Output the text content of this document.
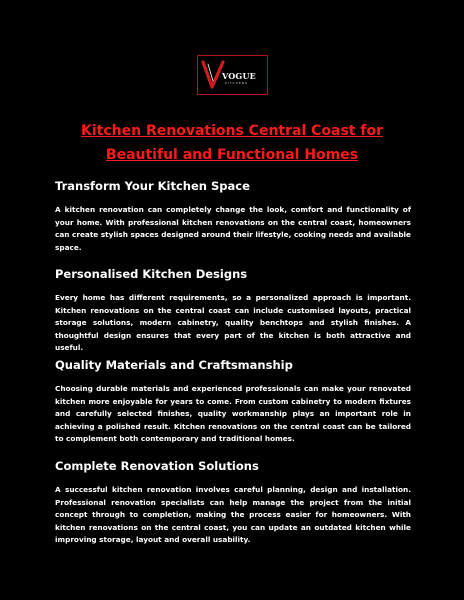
VOGUE
KITCHENS
Kitchen Renovations Central Coast for Beautiful and Functional Homes
Transform Your Kitchen Space

A kitchen renovation can completely change the look, comfort and functionality of your home. With professional kitchen renovations on the central coast, homeowners can create stylish spaces designed around their lifestyle, cooking needs and available space.

Personalised Kitchen Designs

Every home has different requirements, so a personalized approach is important. Kitchen renovations on the central coast can include customised layouts, practical storage solutions, modern cabinetry, quality benchtops and stylish finishes. A thoughtful design ensures that every part of the kitchen is both attractive and useful.

Quality Materials and Craftsmanship

Choosing durable materials and experienced professionals can make your renovated kitchen more enjoyable for years to come. From custom cabinetry to modern fixtures and carefully selected finishes, quality workmanship plays an important role in achieving a polished result. Kitchen renovations on the central coast can be tailored to complement both contemporary and traditional homes.

Complete Renovation Solutions

A successful kitchen renovation involves careful planning, design and installation. Professional renovation specialists can help manage the project from the initial concept through to completion, making the process easier for homeowners. With kitchen renovations on the central coast, you can update an outdated kitchen while improving storage, layout and overall usability.
